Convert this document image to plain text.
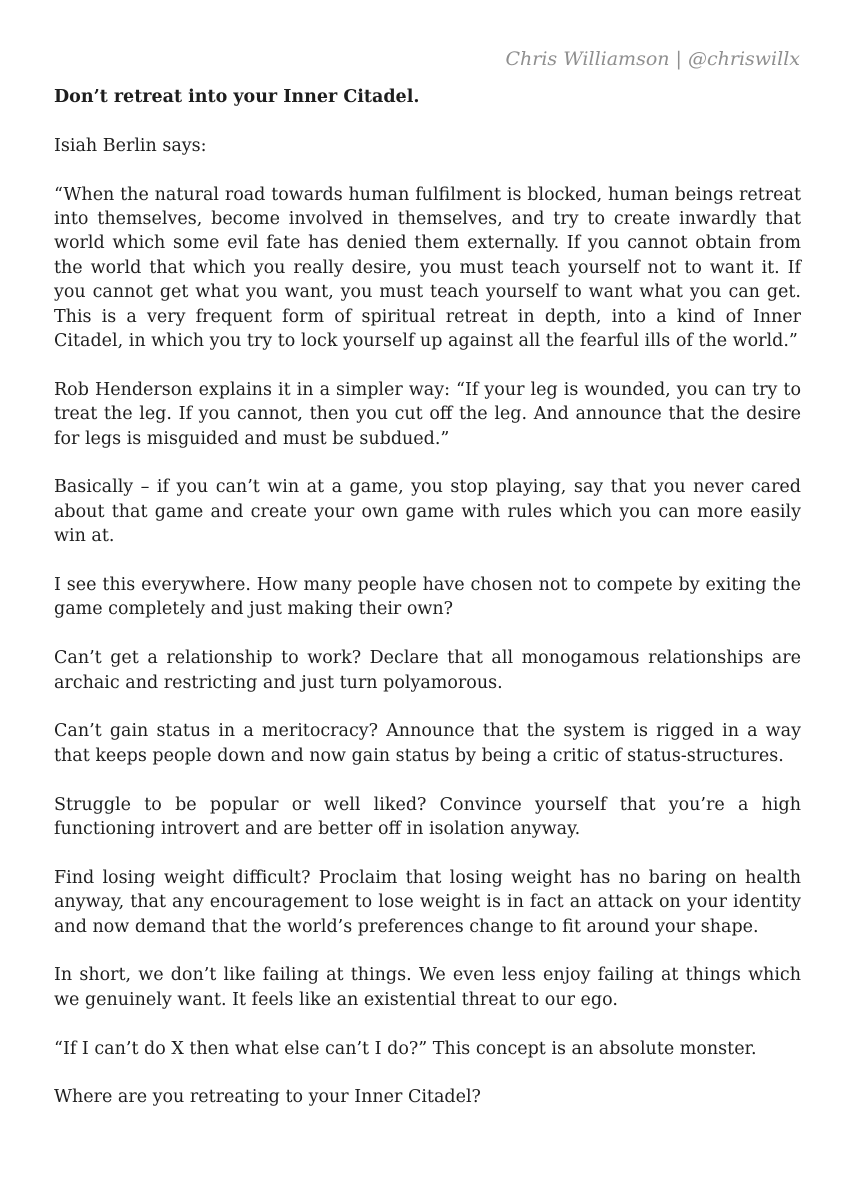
Chris Williamson | @chriswillx

Don’t retreat into your Inner Citadel.

Isiah Berlin says:

“When the natural road towards human fulfilment is blocked, human beings retreat into themselves, become involved in themselves, and try to create inwardly that world which some evil fate has denied them externally. If you cannot obtain from the world that which you really desire, you must teach yourself not to want it. If you cannot get what you want, you must teach yourself to want what you can get. This is a very frequent form of spiritual retreat in depth, into a kind of Inner Citadel, in which you try to lock yourself up against all the fearful ills of the world.”

Rob Henderson explains it in a simpler way: “If your leg is wounded, you can try to treat the leg. If you cannot, then you cut off the leg. And announce that the desire for legs is misguided and must be subdued.”

Basically – if you can’t win at a game, you stop playing, say that you never cared about that game and create your own game with rules which you can more easily win at.

I see this everywhere. How many people have chosen not to compete by exiting the game completely and just making their own?

Can’t get a relationship to work? Declare that all monogamous relationships are archaic and restricting and just turn polyamorous.

Can’t gain status in a meritocracy? Announce that the system is rigged in a way that keeps people down and now gain status by being a critic of status-structures.

Struggle to be popular or well liked? Convince yourself that you’re a high functioning introvert and are better off in isolation anyway.

Find losing weight difficult? Proclaim that losing weight has no baring on health anyway, that any encouragement to lose weight is in fact an attack on your identity and now demand that the world’s preferences change to fit around your shape.

In short, we don’t like failing at things. We even less enjoy failing at things which we genuinely want. It feels like an existential threat to our ego.

“If I can’t do X then what else can’t I do?” This concept is an absolute monster.

Where are you retreating to your Inner Citadel?
